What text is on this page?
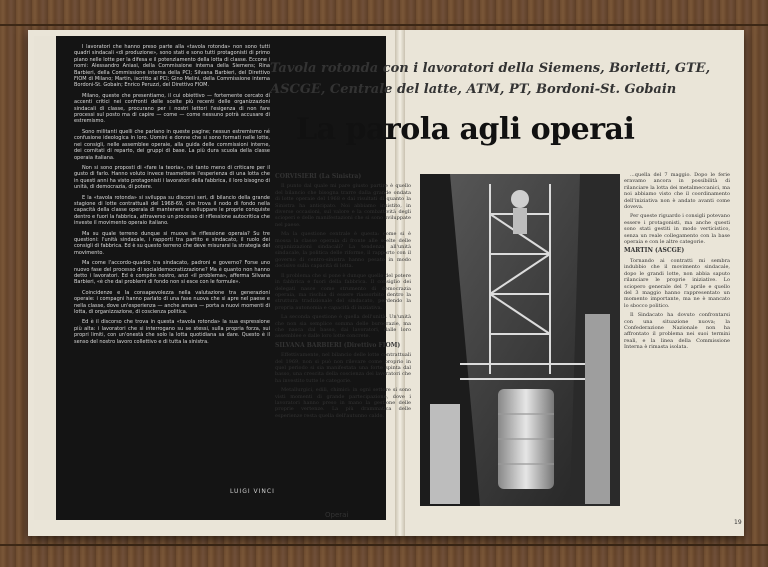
I lavoratori che hanno preso parte alla «tavola rotonda» non sono tutti quadri sindacali «di produzione», sono stati e sono tutti protagonisti di primo piano nelle lotte per la difesa e il potenziamento della lotta di classe. Eccone i nomi: Alessandro Aniasi, della Commissione interna della Siemens; Rina Barbieri, della Commissione interna della PCI; Silvana Barbieri, del Direttivo FIOM di Milano; Martin, iscritto al PCI; Gino Melini, della Commissione interna Bordoni-St. Gobain; Enrico Peruzzi, del Direttivo FIOM.

Milano, queste che presentiamo, il cui obiettivo — fortemente cercato di accenti critici nei confronti delle scelte più recenti delle organizzazioni sindacali di classe, procurano per i nostri lettori l'esigenza di non fare processi sul posto ma di capire — come — come nessuno potrà accusare di estremismo.

Sono militanti quelli che parlano in queste pagine; nessun estremismo né confusione ideologica in loro. Uomini e donne che si sono formati nelle lotte, nei consigli, nelle assemblee operaie, alla guida delle commissioni interne, dei comitati di reparto, dei gruppi di base. La più dura scuola della classe operaia italiana.

Non si sono proposti di «fare la teoria», né tanto meno di criticare per il gusto di farlo. Hanno voluto invece trasmettere l'esperienza di una lotta che in questi anni ha visto protagonisti i lavoratori della fabbrica, il loro bisogno di unità, di democrazia, di potere.

E la «tavola rotonda» si sviluppa su discorsi seri, di bilancio della grande stagione di lotte contrattuali del 1968-69, che trova il nodo di fondo nella capacità della classe operaia di mantenere e sviluppare le proprie conquiste dentro e fuori la fabbrica, attraverso un processo di riflessione autocritica che investe il movimento operaio italiano.

Ma su quale terreno dunque si muove la riflessione operaia? Su tre questioni: l'unità sindacale, i rapporti tra partito e sindacato, il ruolo dei consigli di fabbrica. Ed è su questo terreno che deve misurarsi la strategia del movimento.

Ma come l'accordo-quadro tra sindacato, padroni e governo? Forse uno nuovo fase del processo di socialdemocratizzazione? Ma è quanto non hanno detto i lavoratori. Ed è compito nostro, anzi «il problema», afferma Silvana Barbieri, «è che dai problemi di fondo non si esce con le formule».

Coincidenze e la consapevolezza nella valutazione tra generazioni operaie: i compagni hanno parlato di una fase nuova che si apre nel paese e nella classe, dove un'esperienza — anche amara — porta a nuovi momenti di lotta, di organizzazione, di coscienza politica.

Ed è il discorso che trova in questa «tavola rotonda» la sua espressione più alta: i lavoratori che si interrogano su se stessi, sulla propria forza, sui propri limiti, con un'onestà che solo la lotta quotidiana sa dare. Questo è il senso del nostro lavoro collettivo e di tutta la sinistra.

LUIGI VINCI
Operai
Tavola rotonda con i lavoratori della Siemens, Borletti, GTE, ASCGE, Centrale del latte, ATM, PT, Bordoni-St. Gobain
La parola agli operai
CORVISIERI (La Sinistra)

Il punto dal quale mi pare giusto partire è quello del bilancio che bisogna trarre dalla grande ondata di lotte operaie del 1968 e dai risultati di quanto la Sinistra ha anticipato. Noi abbiamo insistito, in diverse occasioni, sul valore e la combattività degli scioperi e delle manifestazioni che si sono sviluppate nel paese.

Ma la questione centrale è questa: come si è mossa la classe operaia di fronte alle scelte delle organizzazioni sindacali? La tendenza all'unità sindacale, la politica delle riforme, il rapporto con il governo di centro-sinistra hanno pesato in modo decisivo sulla capacità di lotta.

Il problema che si pone è dunque quello del potere in fabbrica e fuori della fabbrica. Il consiglio dei delegati nasce come strumento di democrazia operaia, ma rischia di essere riassorbito dentro la struttura tradizionale del sindacato, perdendo la propria autonomia e capacità di iniziativa.

La seconda questione è quella dell'unità. Un'unità che non sia semplice somma delle burocrazie, ma che nasca dal basso, dai lavoratori, dalle loro assemblee e dalle loro lotte concrete.

SILVANA BARBIERI (Direttivo FIOM)

Effettivamente, nel bilancio delle lotte contrattuali del 1969, non si può non rilevare come proprio in quel periodo si sia manifestata una forte spinta dal basso, una crescita della coscienza dei lavoratori che ha investito tutte le categorie.

Metallurgici, edili, chimici: in ogni settore si sono visti momenti di grande partecipazione, dove i lavoratori hanno preso in mano la gestione delle proprie vertenze. La più drammatica delle esperienze resta quella dell'autunno caldo.

...quella del 7 maggio. Dopo le ferie eravamo ancora in possibilità di rilanciare la lotta dei metalmeccanici, ma noi abbiamo visto che il coordinamento dell'iniziativa non è andato avanti come doveva.

Per queste riguardo i consigli potevano essere i protagonisti, ma anche questi sono stati gestiti in modo verticistico, senza un reale collegamento con la base operaia e con le altre categorie.

MARTIN (ASCGE)

Tornando ai contratti mi sembra indubbio che il movimento sindacale, dopo le grandi lotte, non abbia saputo rilanciare le proprie iniziative. Lo sciopero generale del 7 aprile e quello del 3 maggio hanno rappresentato un momento importante, ma ne è mancato lo sbocco politico.

Il Sindacato ha dovuto confrontarsi con una situazione nuova; la Confederazione Nazionale non ha affrontato il problema nei suoi termini reali, e la linea della Commissione Interna è rimasta isolata.

19
